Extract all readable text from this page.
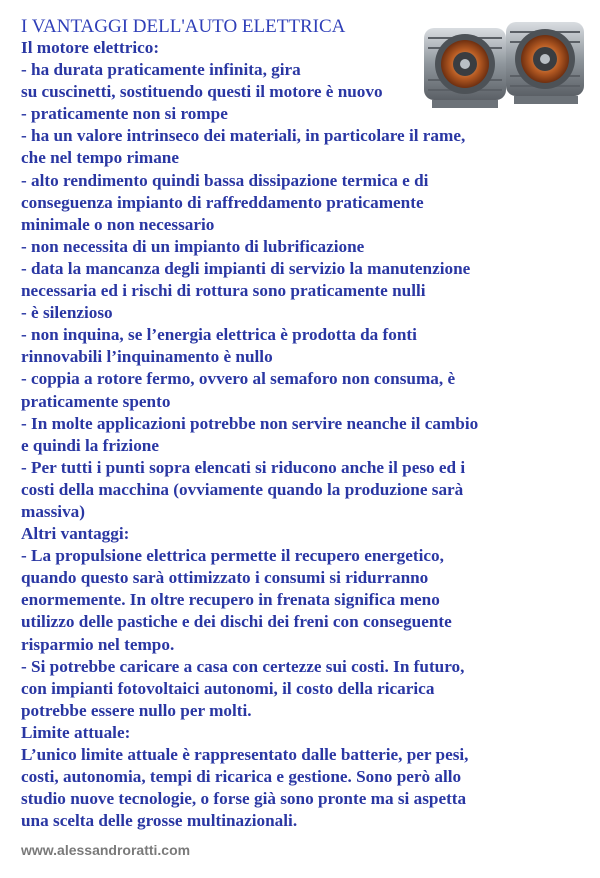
I VANTAGGI DELL'AUTO ELETTRICA
Il motore elettrico:
- ha durata praticamente infinita, gira
su cuscinetti, sostituendo questi il motore è nuovo
- praticamente non si rompe
- ha un valore intrinseco dei materiali, in particolare il rame,
che nel tempo rimane
- alto rendimento quindi bassa dissipazione termica e di
conseguenza impianto di raffreddamento praticamente
minimale o non necessario
- non necessita di un impianto di lubrificazione
- data la mancanza degli impianti di servizio la manutenzione
necessaria ed i rischi di rottura sono praticamente nulli
- è silenzioso
- non inquina, se l’energia elettrica è prodotta da fonti
rinnovabili l’inquinamento è nullo
- coppia a rotore fermo, ovvero al semaforo non consuma, è
praticamente spento
- In molte applicazioni potrebbe non servire neanche il cambio
e quindi la frizione
- Per tutti i punti sopra elencati si riducono anche il peso ed i
costi della macchina (ovviamente quando la produzione sarà
massiva)
Altri vantaggi:
- La propulsione elettrica permette il recupero energetico,
quando questo sarà ottimizzato i consumi si ridurranno
enormemente. In oltre recupero in frenata significa meno
utilizzo delle pastiche e dei dischi dei freni con conseguente
risparmio nel tempo.
- Si potrebbe caricare a casa con certezze sui costi. In futuro,
con impianti fotovoltaici autonomi, il costo della ricarica
potrebbe essere nullo per molti.
Limite attuale:
L’unico limite attuale è rappresentato dalle batterie, per pesi,
costi, autonomia, tempi di ricarica e gestione. Sono però allo
studio nuove tecnologie, o forse già sono pronte ma si aspetta
una scelta delle grosse multinazionali.
www.alessandroratti.com
